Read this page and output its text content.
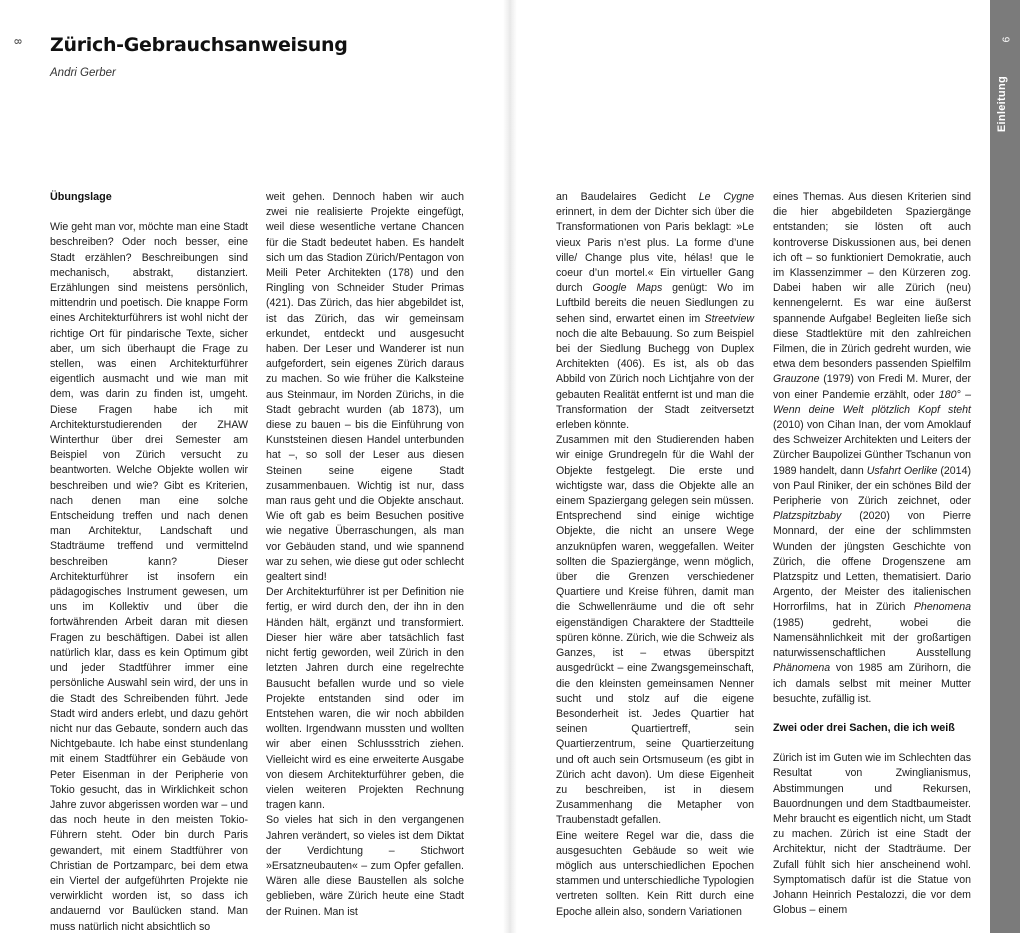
8	9
Einleitung
Zürich-Gebrauchsanweisung
Andri Gerber
Übungslage

Wie geht man vor, möchte man eine Stadt beschreiben? Oder noch besser, eine Stadt erzählen? Beschreibungen sind mechanisch, abstrakt, distanziert. Erzählungen sind meistens persönlich, mittendrin und poetisch. Die knappe Form eines Architekturführers ist wohl nicht der richtige Ort für pindarische Texte, sicher aber, um sich überhaupt die Frage zu stellen, was einen Architekturführer eigentlich ausmacht und wie man mit dem, was darin zu finden ist, umgeht. Diese Fragen habe ich mit Architekturstudierenden der ZHAW Winterthur über drei Semester am Beispiel von Zürich versucht zu beantworten. Welche Objekte wollen wir beschreiben und wie? Gibt es Kriterien, nach denen man eine solche Entscheidung treffen und nach denen man Architektur, Landschaft und Stadträume treffend und vermittelnd beschreiben kann? Dieser Architekturführer ist insofern ein pädagogisches Instrument gewesen, um uns im Kollektiv und über die fortwährenden Arbeit daran mit diesen Fragen zu beschäftigen. Dabei ist allen natürlich klar, dass es kein Optimum gibt und jeder Stadtführer immer eine persönliche Auswahl sein wird, der uns in die Stadt des Schreibenden führt. Jede Stadt wird anders erlebt, und dazu gehört nicht nur das Gebaute, sondern auch das Nichtgebaute. Ich habe einst stundenlang mit einem Stadtführer ein Gebäude von Peter Eisenman in der Peripherie von Tokio gesucht, das in Wirklichkeit schon Jahre zuvor abgerissen worden war – und das noch heute in den meisten Tokio-Führern steht. Oder bin durch Paris gewandert, mit einem Stadtführer von Christian de Portzamparc, bei dem etwa ein Viertel der aufgeführten Projekte nie verwirklicht worden ist, so dass ich andauernd vor Baulücken stand. Man muss natürlich nicht absichtlich so

weit gehen. Dennoch haben wir auch zwei nie realisierte Projekte eingefügt, weil diese wesentliche vertane Chancen für die Stadt bedeutet haben. Es handelt sich um das Stadion Zürich/Pentagon von Meili Peter Architekten (178) und den Ringling von Schneider Studer Primas (421). Das Zürich, das hier abgebildet ist, ist das Zürich, das wir gemeinsam erkundet, entdeckt und ausgesucht haben. Der Leser und Wanderer ist nun aufgefordert, sein eigenes Zürich daraus zu machen. So wie früher die Kalksteine aus Steinmaur, im Norden Zürichs, in die Stadt gebracht wurden (ab 1873), um diese zu bauen – bis die Einführung von Kunststeinen diesen Handel unterbunden hat –, so soll der Leser aus diesen Steinen seine eigene Stadt zusammenbauen. Wichtig ist nur, dass man raus geht und die Objekte anschaut. Wie oft gab es beim Besuchen positive wie negative Überraschungen, als man vor Gebäuden stand, und wie spannend war zu sehen, wie diese gut oder schlecht gealtert sind!

Der Architekturführer ist per Definition nie fertig, er wird durch den, der ihn in den Händen hält, ergänzt und transformiert. Dieser hier wäre aber tatsächlich fast nicht fertig geworden, weil Zürich in den letzten Jahren durch eine regelrechte Bausucht befallen wurde und so viele Projekte entstanden sind oder im Entstehen waren, die wir noch abbilden wollten. Irgendwann mussten und wollten wir aber einen Schlussstrich ziehen. Vielleicht wird es eine erweiterte Ausgabe von diesem Architekturführer geben, die vielen weiteren Projekten Rechnung tragen kann.

So vieles hat sich in den vergangenen Jahren verändert, so vieles ist dem Diktat der Verdichtung – Stichwort »Ersatzneubauten« – zum Opfer gefallen. Wären alle diese Baustellen als solche geblieben, wäre Zürich heute eine Stadt der Ruinen. Man ist

an Baudelaires Gedicht Le Cygne erinnert, in dem der Dichter sich über die Transformationen von Paris beklagt: »Le vieux Paris n’est plus. La forme d’une ville/ Change plus vite, hélas! que le coeur d’un mortel.« Ein virtueller Gang durch Google Maps genügt: Wo im Luftbild bereits die neuen Siedlungen zu sehen sind, erwartet einen im Streetview noch die alte Bebauung. So zum Beispiel bei der Siedlung Buchegg von Duplex Architekten (406). Es ist, als ob das Abbild von Zürich noch Lichtjahre von der gebauten Realität entfernt ist und man die Transformation der Stadt zeitversetzt erleben könnte.

Zusammen mit den Studierenden haben wir einige Grundregeln für die Wahl der Objekte festgelegt. Die erste und wichtigste war, dass die Objekte alle an einem Spaziergang gelegen sein müssen. Entsprechend sind einige wichtige Objekte, die nicht an unsere Wege anzuknüpfen waren, weggefallen. Weiter sollten die Spaziergänge, wenn möglich, über die Grenzen verschiedener Quartiere und Kreise führen, damit man die Schwellenräume und die oft sehr eigenständigen Charaktere der Stadtteile spüren könne. Zürich, wie die Schweiz als Ganzes, ist – etwas überspitzt ausgedrückt – eine Zwangsgemeinschaft, die den kleinsten gemeinsamen Nenner sucht und stolz auf die eigene Besonderheit ist. Jedes Quartier hat seinen Quartiertreff, sein Quartierzentrum, seine Quartierzeitung und oft auch sein Ortsmuseum (es gibt in Zürich acht davon). Um diese Eigenheit zu beschreiben, ist in diesem Zusammenhang die Metapher von Traubenstadt gefallen.

Eine weitere Regel war die, dass die ausgesuchten Gebäude so weit wie möglich aus unterschiedlichen Epochen stammen und unterschiedliche Typologien vertreten sollten. Kein Ritt durch eine Epoche allein also, sondern Variationen

eines Themas. Aus diesen Kriterien sind die hier abgebildeten Spaziergänge entstanden; sie lösten oft auch kontroverse Diskussionen aus, bei denen ich oft – so funktioniert Demokratie, auch im Klassenzimmer – den Kürzeren zog. Dabei haben wir alle Zürich (neu) kennengelernt. Es war eine äußerst spannende Aufgabe! Begleiten ließe sich diese Stadtlektüre mit den zahlreichen Filmen, die in Zürich gedreht wurden, wie etwa dem besonders passenden Spielfilm Grauzone (1979) von Fredi M. Murer, der von einer Pandemie erzählt, oder 180° – Wenn deine Welt plötzlich Kopf steht (2010) von Cihan Inan, der vom Amoklauf des Schweizer Architekten und Leiters der Zürcher Baupolizei Günther Tschanun von 1989 handelt, dann Usfahrt Oerlike (2014) von Paul Riniker, der ein schönes Bild der Peripherie von Zürich zeichnet, oder Platzspitzbaby (2020) von Pierre Monnard, der eine der schlimmsten Wunden der jüngsten Geschichte von Zürich, die offene Drogenszene am Platzspitz und Letten, thematisiert. Dario Argento, der Meister des italienischen Horrorfilms, hat in Zürich Phenomena (1985) gedreht, wobei die Namensähnlichkeit mit der großartigen naturwissenschaftlichen Ausstellung Phänomena von 1985 am Zürihorn, die ich damals selbst mit meiner Mutter besuchte, zufällig ist.

Zwei oder drei Sachen, die ich weiß

Zürich ist im Guten wie im Schlechten das Resultat von Zwinglianismus, Abstimmungen und Rekursen, Bauordnungen und dem Stadtbaumeister. Mehr braucht es eigentlich nicht, um Stadt zu machen. Zürich ist eine Stadt der Architektur, nicht der Stadträume. Der Zufall fühlt sich hier anscheinend wohl. Symptomatisch dafür ist die Statue von Johann Heinrich Pestalozzi, die vor dem Globus – einem
